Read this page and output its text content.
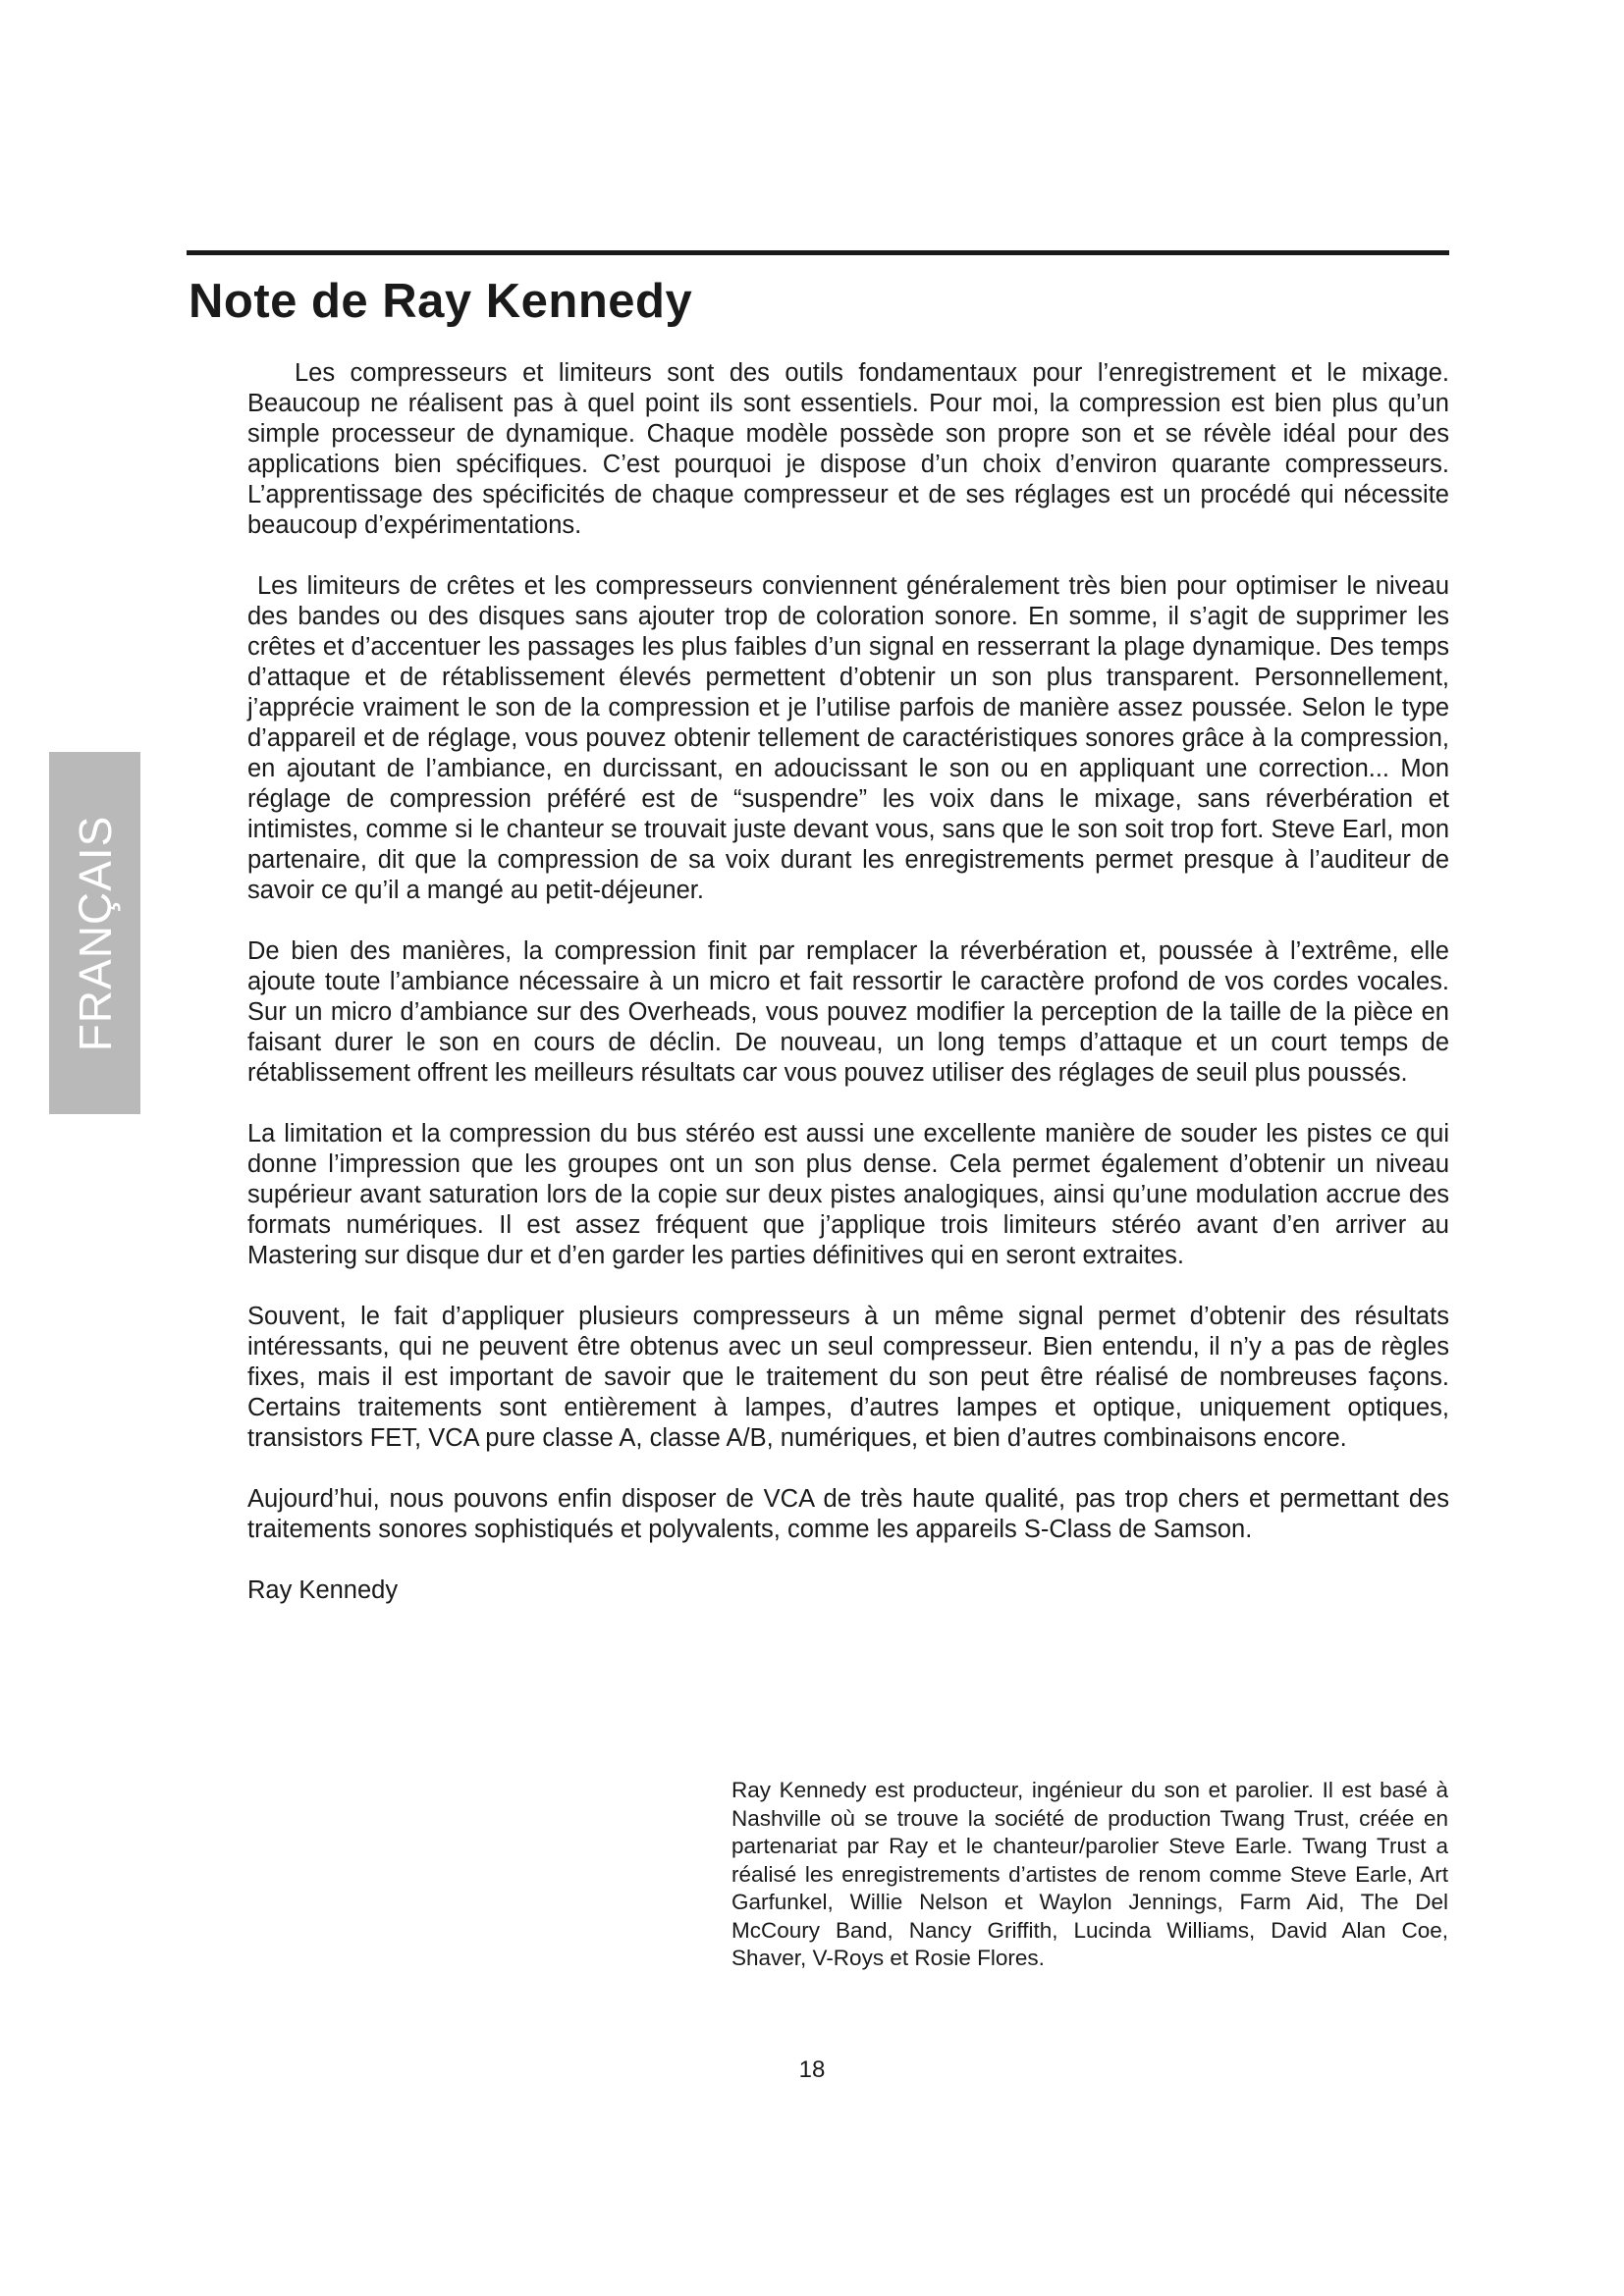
Note de Ray Kennedy
FRANÇAIS

Les compresseurs et limiteurs sont des outils fondamentaux pour l’enregistrement et le mixage. Beaucoup ne réalisent pas à quel point ils sont essentiels. Pour moi, la compression est bien plus qu’un simple processeur de dynamique. Chaque modèle possède son propre son et se révèle idéal pour des applications bien spécifiques. C’est pourquoi je dispose d’un choix d’environ quarante compresseurs. L’apprentissage des spécificités de chaque compresseur et de ses réglages est un procédé qui nécessite beaucoup d’expérimentations.

Les limiteurs de crêtes et les compresseurs conviennent généralement très bien pour optimiser le niveau des bandes ou des disques sans ajouter trop de coloration sonore. En somme, il s’agit de supprimer les crêtes et d’accentuer les passages les plus faibles d’un signal en resserrant la plage dynamique. Des temps d’attaque et de rétablissement élevés permettent d’obtenir un son plus transparent. Personnellement, j’apprécie vraiment le son de la compression et je l’utilise parfois de manière assez poussée. Selon le type d’appareil et de réglage, vous pouvez obtenir tellement de caractéristiques sonores grâce à la compression, en ajoutant de l’ambiance, en durcissant, en adoucissant le son ou en appliquant une correction... Mon réglage de compression préféré est de “suspendre” les voix dans le mixage, sans réverbération et intimistes, comme si le chanteur se trouvait juste devant vous, sans que le son soit trop fort. Steve Earl, mon partenaire, dit que la compression de sa voix durant les enregistrements permet presque à l’auditeur de savoir ce qu’il a mangé au petit-déjeuner.

De bien des manières, la compression finit par remplacer la réverbération et, poussée à l’extrême, elle ajoute toute l’ambiance nécessaire à un micro et fait ressortir le caractère profond de vos cordes vocales. Sur un micro d’ambiance sur des Overheads, vous pouvez modifier la perception de la taille de la pièce en faisant durer le son en cours de déclin. De nouveau, un long temps d’attaque et un court temps de rétablissement offrent les meilleurs résultats car vous pouvez utiliser des réglages de seuil plus poussés.

La limitation et la compression du bus stéréo est aussi une excellente manière de souder les pistes ce qui donne l’impression que les groupes ont un son plus dense. Cela permet également d’obtenir un niveau supérieur avant saturation lors de la copie sur deux pistes analogiques, ainsi qu’une modulation accrue des formats numériques. Il est assez fréquent que j’applique trois limiteurs stéréo avant d’en arriver au Mastering sur disque dur et d’en garder les parties définitives qui en seront extraites.

Souvent, le fait d’appliquer plusieurs compresseurs à un même signal permet d’obtenir des résultats intéressants, qui ne peuvent être obtenus avec un seul compresseur. Bien entendu, il n’y a pas de règles fixes, mais il est important de savoir que le traitement du son peut être réalisé de nombreuses façons. Certains traitements sont entièrement à lampes, d’autres lampes et optique, uniquement optiques, transistors FET, VCA pure classe A, classe A/B, numériques, et bien d’autres combinaisons encore.

Aujourd’hui, nous pouvons enfin disposer de VCA de très haute qualité, pas trop chers et permettant des traitements sonores sophistiqués et polyvalents, comme les appareils S-Class de Samson.

Ray Kennedy

Ray Kennedy est producteur, ingénieur du son et parolier. Il est basé à Nashville où se trouve la société de production Twang Trust, créée en partenariat par Ray et le chanteur/parolier Steve Earle. Twang Trust a réalisé les enregistrements d’artistes de renom comme Steve Earle, Art Garfunkel, Willie Nelson et Waylon Jennings, Farm Aid, The Del McCoury Band, Nancy Griffith, Lucinda Williams, David Alan Coe, Shaver, V-Roys et Rosie Flores.
18
